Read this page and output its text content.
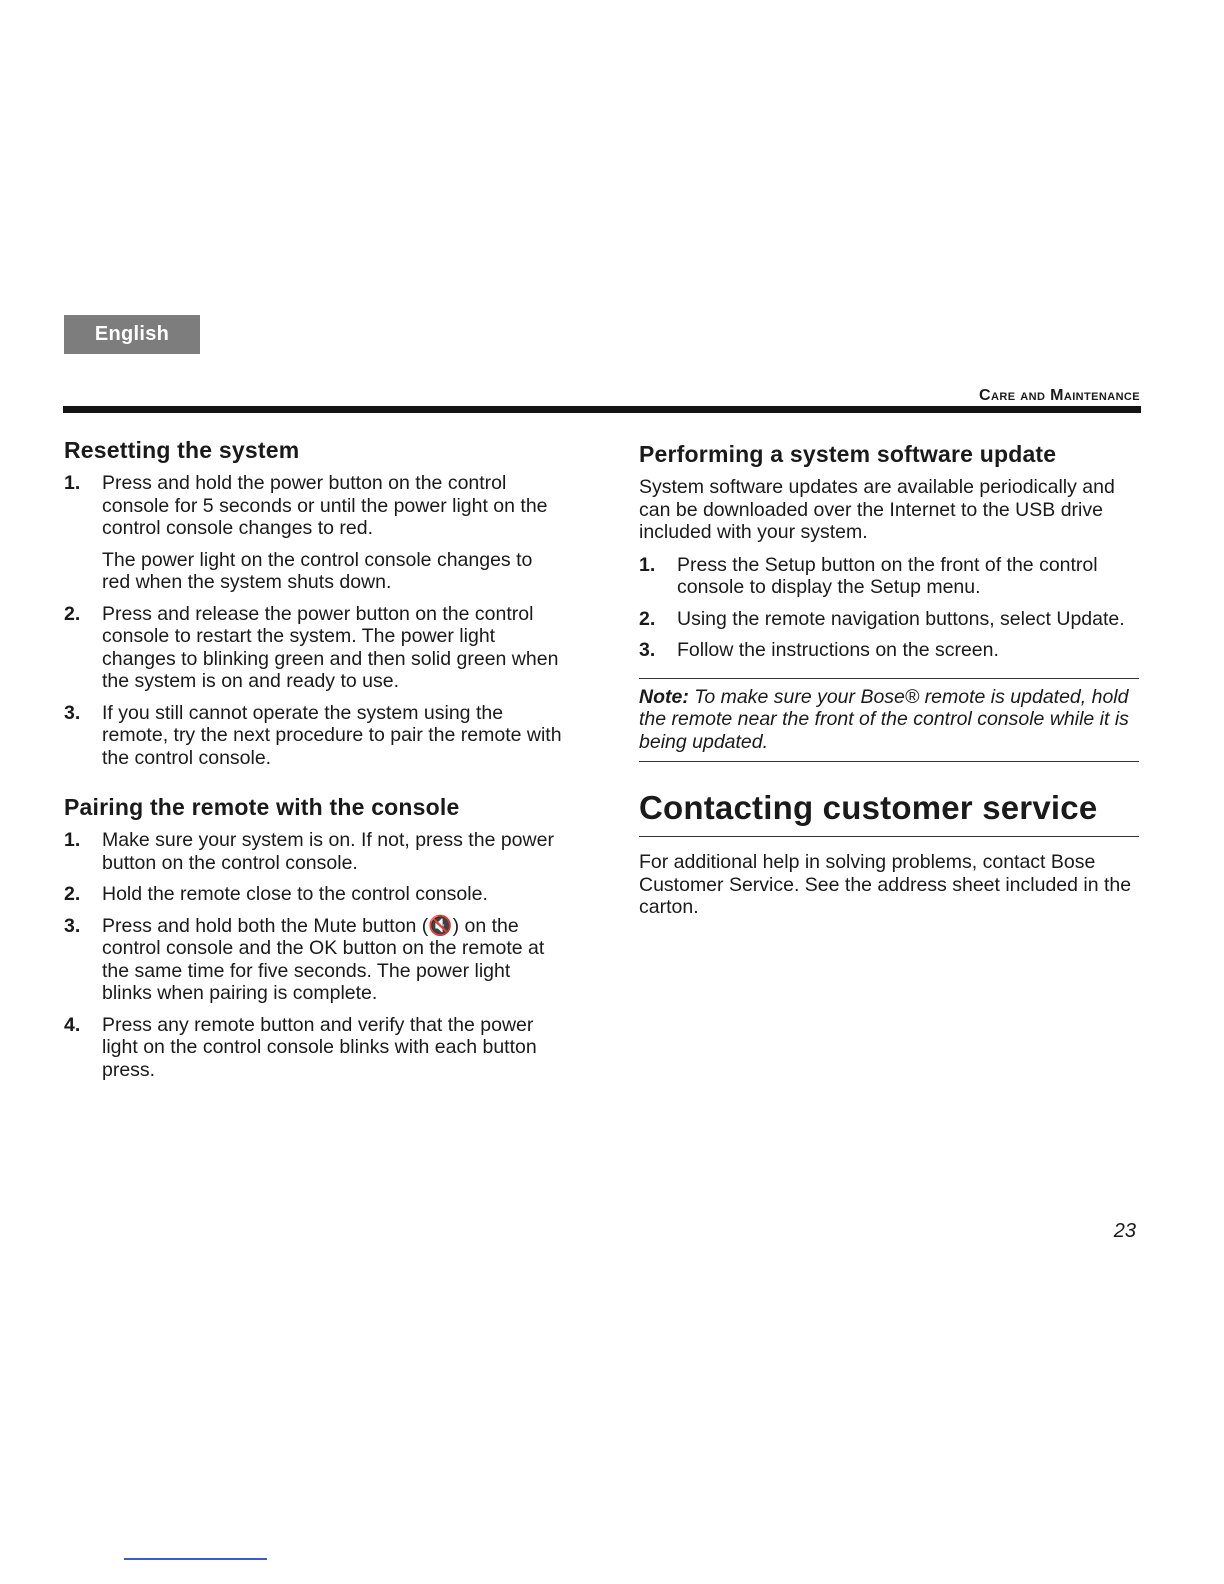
English
Care and Maintenance
Resetting the system
1.	Press and hold the power button on the control console for 5 seconds or until the power light on the control console changes to red.

The power light on the control console changes to red when the system shuts down.

2.	Press and release the power button on the control console to restart the system. The power light changes to blinking green and then solid green when the system is on and ready to use.

3.	If you still cannot operate the system using the remote, try the next procedure to pair the remote with the control console.

Pairing the remote with the console
1.	Make sure your system is on. If not, press the power button on the control console.

2.	Hold the remote close to the control console.

3.	Press and hold both the Mute button (🔇) on the control console and the OK button on the remote at the same time for five seconds. The power light blinks when pairing is complete.

4.	Press any remote button and verify that the power light on the control console blinks with each button press.

Performing a system software update

System software updates are available periodically and can be downloaded over the Internet to the USB drive included with your system.

1.	Press the Setup button on the front of the control console to display the Setup menu.

2.	Using the remote navigation buttons, select Update.

3.	Follow the instructions on the screen.

Note: To make sure your Bose® remote is updated, hold the remote near the front of the control console while it is being updated.
Contacting customer service

For additional help in solving problems, contact Bose Customer Service. See the address sheet included in the carton.

23
